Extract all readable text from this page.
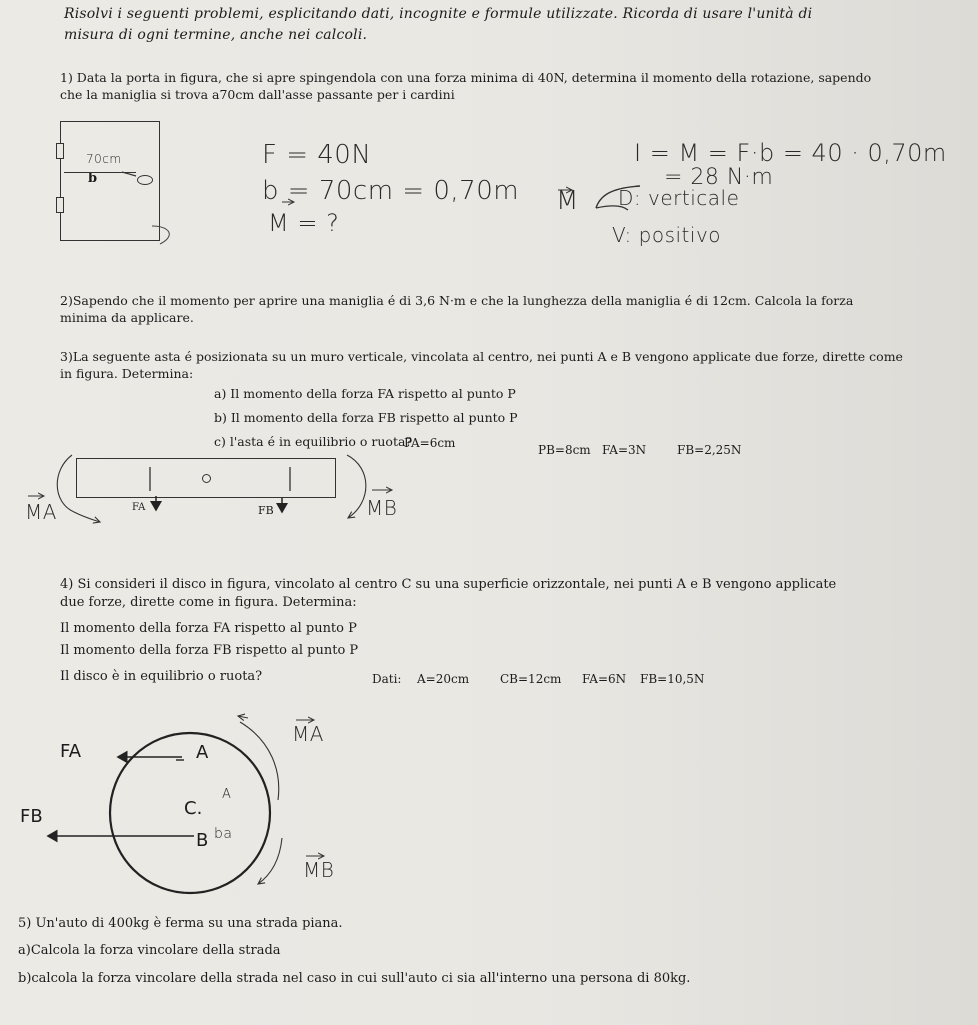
Risolvi i seguenti problemi, esplicitando dati, incognite e formule utilizzate. Ricorda di usare l'unità di
misura di ogni termine, anche nei calcoli.
1) Data la porta in figura, che si apre spingendola con una forza minima di 40N, determina il momento della rotazione, sapendo
che la maniglia si trova a70cm dall'asse passante per i cardini
70cm
b
F = 40N
b = 70cm = 0,70m
M = ?
I = M = F·b = 40 · 0,70m
= 28 N·m
M D: verticale
V: positivo
2)Sapendo che il momento per aprire una maniglia é di 3,6 N·m e che la lunghezza della maniglia é di 12cm. Calcola la forza
minima da applicare.
3)La seguente asta é posizionata su un muro verticale, vincolata al centro, nei punti A e B vengono applicate due forze, dirette come
in figura. Determina:
a) Il momento della forza FA rispetto al punto P
b) Il momento della forza FB rispetto al punto P
c) l'asta é in equilibrio o ruota?
PA=6cm	PB=8cm FA=3N	FB=2,25N
FA	FB
MA	MB
4) Si consideri il disco in figura, vincolato al centro C su una superficie orizzontale, nei punti A e B vengono applicate
due forze, dirette come in figura. Determina:
Il momento della forza FA rispetto al punto P
Il momento della forza FB rispetto al punto P
Il disco è in equilibrio o ruota?	Dati: A=20cm	CB=12cm FA=6N FB=10,5N
FA	A
A
C.
FB
B ba
MA
MB
5) Un'auto di 400kg è ferma su una strada piana.
a)Calcola la forza vincolare della strada
b)calcola la forza vincolare della strada nel caso in cui sull'auto ci sia all'interno una persona di 80kg.
